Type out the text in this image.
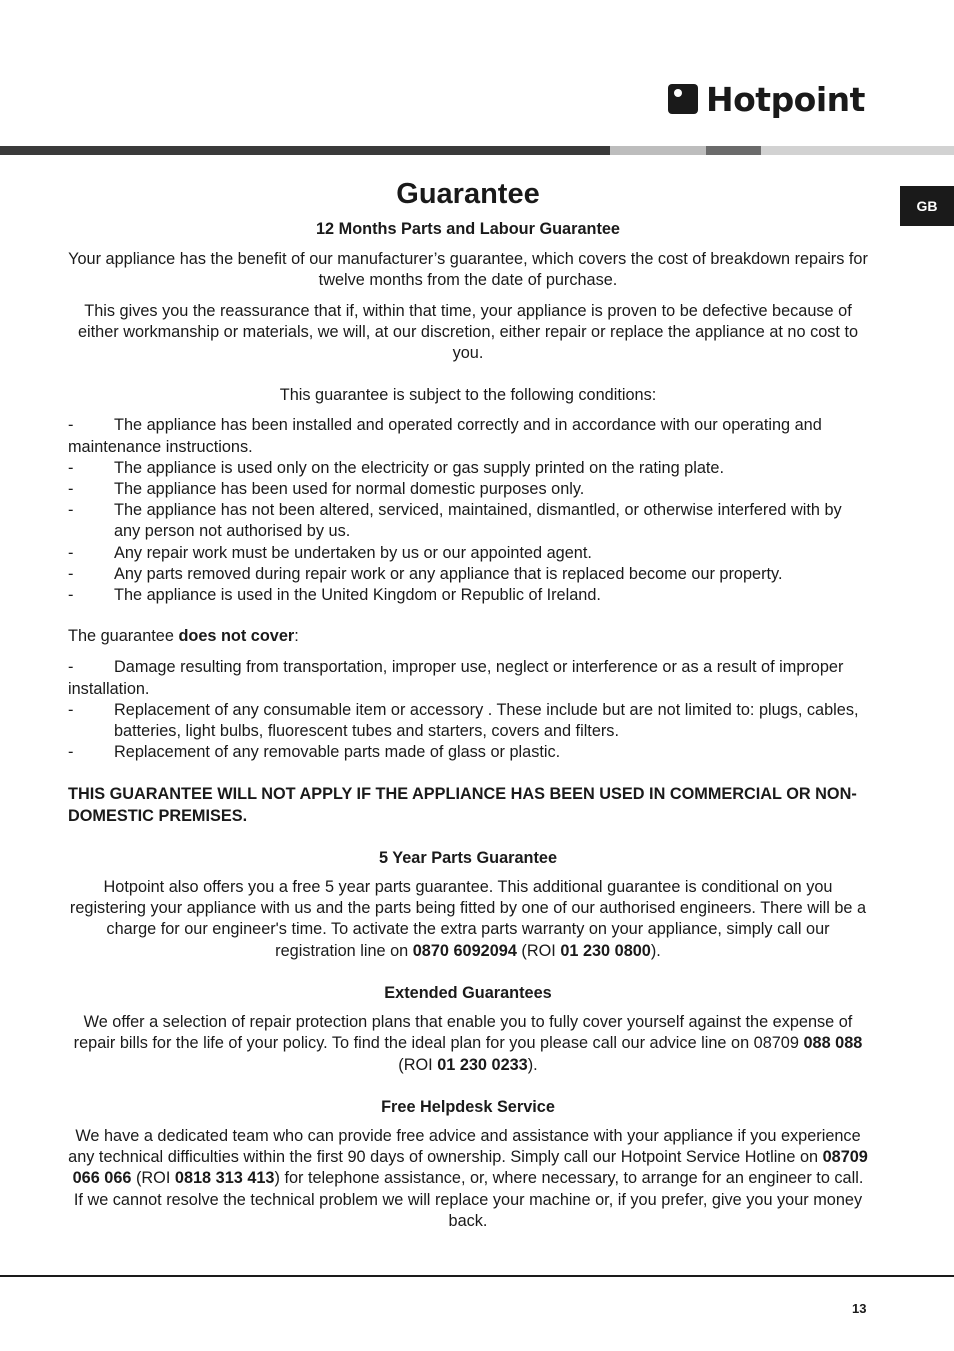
Hotpoint
GB
Guarantee

12 Months Parts and Labour Guarantee

Your appliance has the benefit of our manufacturer’s guarantee, which covers the cost of breakdown repairs for twelve months from the date of purchase.

This gives you the reassurance that if, within that time, your appliance is proven to be defective because of either workmanship or materials, we will, at our discretion, either repair or replace the appliance at no cost to you.

This guarantee is subject to the following conditions:

- The appliance has been installed and operated correctly and in accordance with our operating and maintenance instructions.
- The appliance is used only on the electricity or gas supply printed on the rating plate.
- The appliance has been used for normal domestic purposes only.
- The appliance has not been altered, serviced, maintained, dismantled, or otherwise interfered with by any person not authorised by us.
- Any repair work must be undertaken by us or our appointed agent.
- Any parts removed during repair work or any appliance that is replaced become our property.
- The appliance is used in the United Kingdom or Republic of Ireland.

The guarantee does not cover:

- Damage resulting from transportation, improper use, neglect or interference or as a result of improper installation.
- Replacement of any consumable item or accessory . These include but are not limited to: plugs, cables, batteries, light bulbs, fluorescent tubes and starters, covers and filters.
- Replacement of any removable parts made of glass or plastic.

THIS GUARANTEE WILL NOT APPLY IF THE APPLIANCE HAS BEEN USED IN COMMERCIAL OR NON-DOMESTIC PREMISES.

5 Year Parts Guarantee

Hotpoint also offers you a free 5 year parts guarantee. This additional guarantee is conditional on you registering your appliance with us and the parts being fitted by one of our authorised engineers. There will be a charge for our engineer's time. To activate the extra parts warranty on your appliance, simply call our registration line on 0870 6092094 (ROI 01 230 0800).

Extended Guarantees

We offer a selection of repair protection plans that enable you to fully cover yourself against the expense of repair bills for the life of your policy. To find the ideal plan for you please call our advice line on 08709 088 088 (ROI 01 230 0233).

Free Helpdesk Service

We have a dedicated team who can provide free advice and assistance with your appliance if you experience any technical difficulties within the first 90 days of ownership. Simply call our Hotpoint Service Hotline on 08709 066 066 (ROI 0818 313 413) for telephone assistance, or, where necessary, to arrange for an engineer to call. If we cannot resolve the technical problem we will replace your machine or, if you prefer, give you your money back.

13
